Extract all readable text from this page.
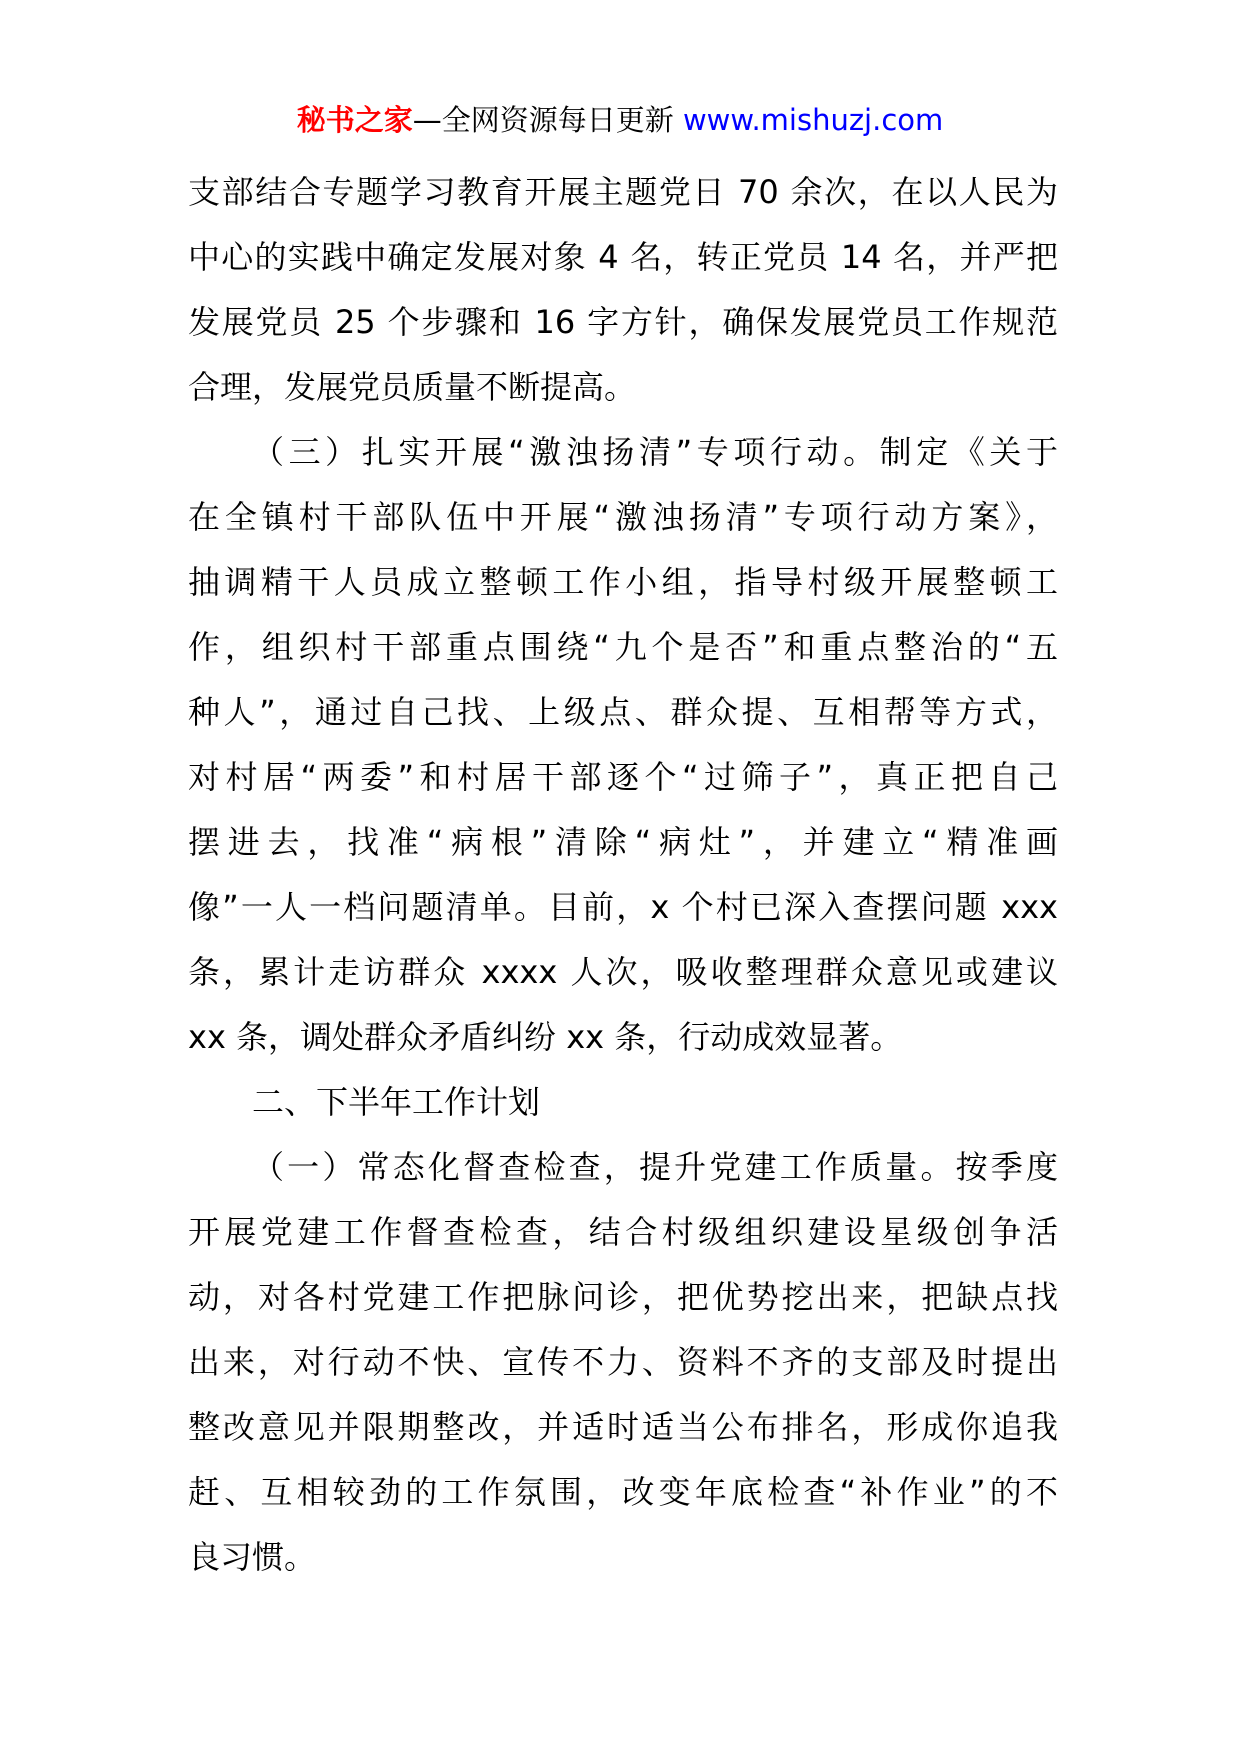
秘书之家—全网资源每日更新 www.mishuzj.com
支部结合专题学习教育开展主题党日 70 余次，在以人民为
中心的实践中确定发展对象 4 名，转正党员 14 名，并严把
发展党员 25 个步骤和 16 字方针，确保发展党员工作规范
合理，发展党员质量不断提高。
（三）扎实开展“激浊扬清”专项行动。制定《关于
在全镇村干部队伍中开展“激浊扬清”专项行动方案》，
抽调精干人员成立整顿工作小组，指导村级开展整顿工
作，组织村干部重点围绕“九个是否”和重点整治的“五
种人”，通过自己找、上级点、群众提、互相帮等方式，
对村居“两委”和村居干部逐个“过筛子”，真正把自己
摆进去，找准“病根”清除“病灶”，并建立“精准画
像”一人一档问题清单。目前，x 个村已深入查摆问题 xxx
条，累计走访群众 xxxx 人次，吸收整理群众意见或建议
xx 条，调处群众矛盾纠纷 xx 条，行动成效显著。
二、下半年工作计划
（一）常态化督查检查，提升党建工作质量。按季度
开展党建工作督查检查，结合村级组织建设星级创争活
动，对各村党建工作把脉问诊，把优势挖出来，把缺点找
出来，对行动不快、宣传不力、资料不齐的支部及时提出
整改意见并限期整改，并适时适当公布排名，形成你追我
赶、互相较劲的工作氛围，改变年底检查“补作业”的不
良习惯。
